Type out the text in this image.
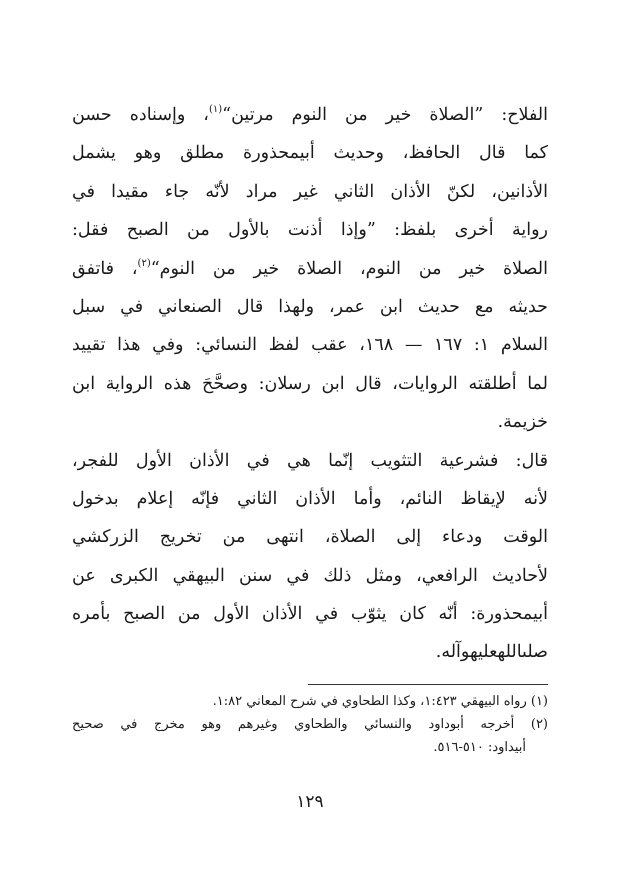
الفلاح: ”الصلاة خير من النوم مرتين“$^{(١)}$، وإسناده حسن
كما قال الحافظ، وحديث أبيمحذورة مطلق وهو يشمل
الأذانين، لكنّ الأذان الثاني غير مراد لأنّه جاء مقيدا في
رواية أخرى بلفظ: ”وإذا أذنت بالأول من الصبح فقل:
الصلاة خير من النوم، الصلاة خير من النوم“$^{(٢)}$، فاتفق
حديثه مع حديث ابن عمر، ولهذا قال الصنعاني في سبل
السلام ١: ١٦٧ — ١٦٨، عقب لفظ النسائي: وفي هذا تقييد
لما أطلقته الروايات، قال ابن رسلان: وصحَّحَ هذه الرواية ابن
خزيمة.
قال: فشرعية التثويب إنّما هي في الأذان الأول للفجر،
لأنه لإيقاظ النائم، وأما الأذان الثاني فإنّه إعلام بدخول
الوقت ودعاء إلى الصلاة، انتهى من تخريج الزركشي
لأحاديث الرافعي، ومثل ذلك في سنن البيهقي الكبرى عن
أبيمحذورة: أنّه كان يثوّب في الأذان الأول من الصبح بأمره
صلىاللهعليهوآله.
(١) رواه البيهقي ١:٤٢٣، وكذا الطحاوي في شرح المعاني ١:٨٢.
(٢) أخرجه أبوداود والنسائي والطحاوي وغيرهم وهو مخرج في صحيح
أبيداود: ٥١٠-٥١٦.
١٢٩
